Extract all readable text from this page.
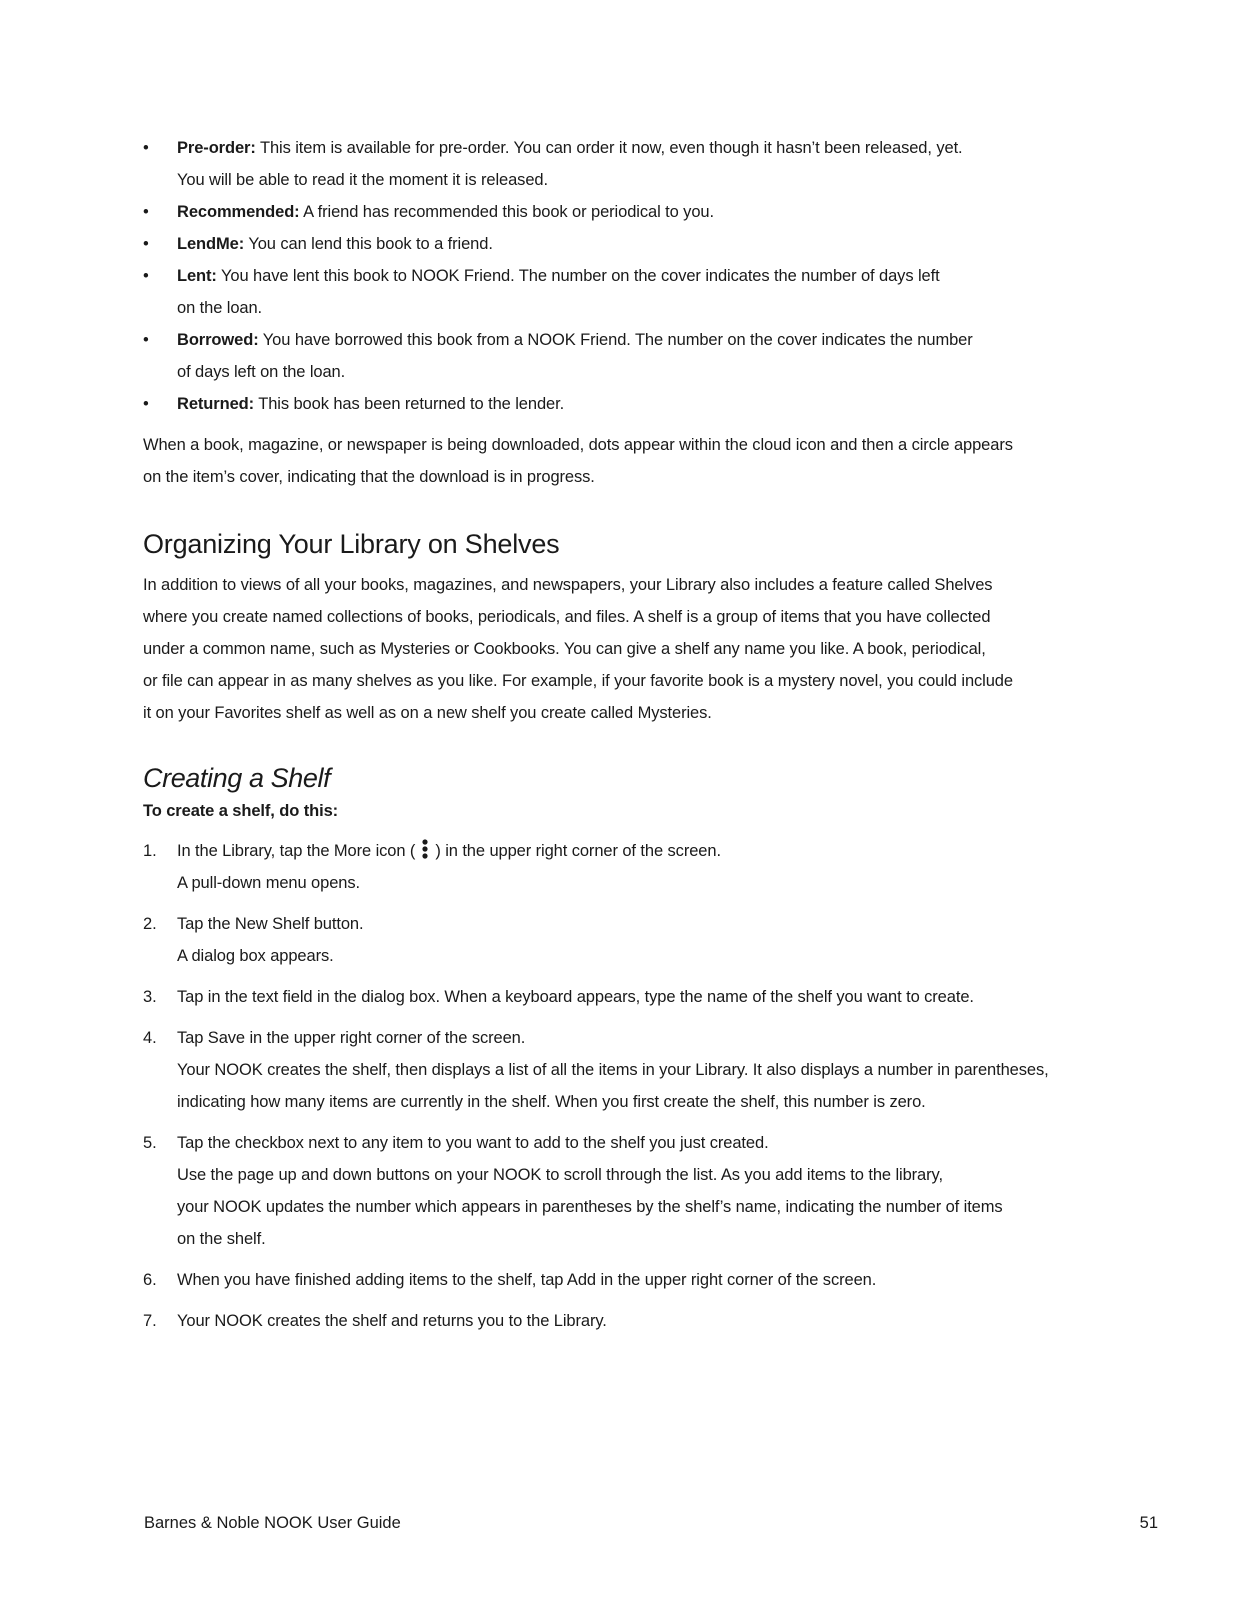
•	Pre-order: This item is available for pre-order. You can order it now, even though it hasn’t been released, yet.
You will be able to read it the moment it is released.
•	Recommended: A friend has recommended this book or periodical to you.
•	LendMe: You can lend this book to a friend.
•	Lent: You have lent this book to NOOK Friend. The number on the cover indicates the number of days left
on the loan.
•	Borrowed: You have borrowed this book from a NOOK Friend. The number on the cover indicates the number
of days left on the loan.
•	Returned: This book has been returned to the lender.

When a book, magazine, or newspaper is being downloaded, dots appear within the cloud icon and then a circle appears
on the item’s cover, indicating that the download is in progress.

Organizing Your Library on Shelves

In addition to views of all your books, magazines, and newspapers, your Library also includes a feature called Shelves
where you create named collections of books, periodicals, and files. A shelf is a group of items that you have collected
under a common name, such as Mysteries or Cookbooks. You can give a shelf any name you like. A book, periodical,
or file can appear in as many shelves as you like. For example, if your favorite book is a mystery novel, you could include
it on your Favorites shelf as well as on a new shelf you create called Mysteries.

Creating a Shelf
To create a shelf, do this:
1.	In the Library, tap the More icon ( ) in the upper right corner of the screen.
A pull-down menu opens.
2.	Tap the New Shelf button.
A dialog box appears.
3.	Tap in the text field in the dialog box. When a keyboard appears, type the name of the shelf you want to create.
4.	Tap Save in the upper right corner of the screen.
Your NOOK creates the shelf, then displays a list of all the items in your Library. It also displays a number in parentheses,
indicating how many items are currently in the shelf. When you first create the shelf, this number is zero.
5.	Tap the checkbox next to any item to you want to add to the shelf you just created.
Use the page up and down buttons on your NOOK to scroll through the list. As you add items to the library,
your NOOK updates the number which appears in parentheses by the shelf’s name, indicating the number of items
on the shelf.
6.	When you have finished adding items to the shelf, tap Add in the upper right corner of the screen.
7.	Your NOOK creates the shelf and returns you to the Library.
Barnes & Noble NOOK User Guide	51
